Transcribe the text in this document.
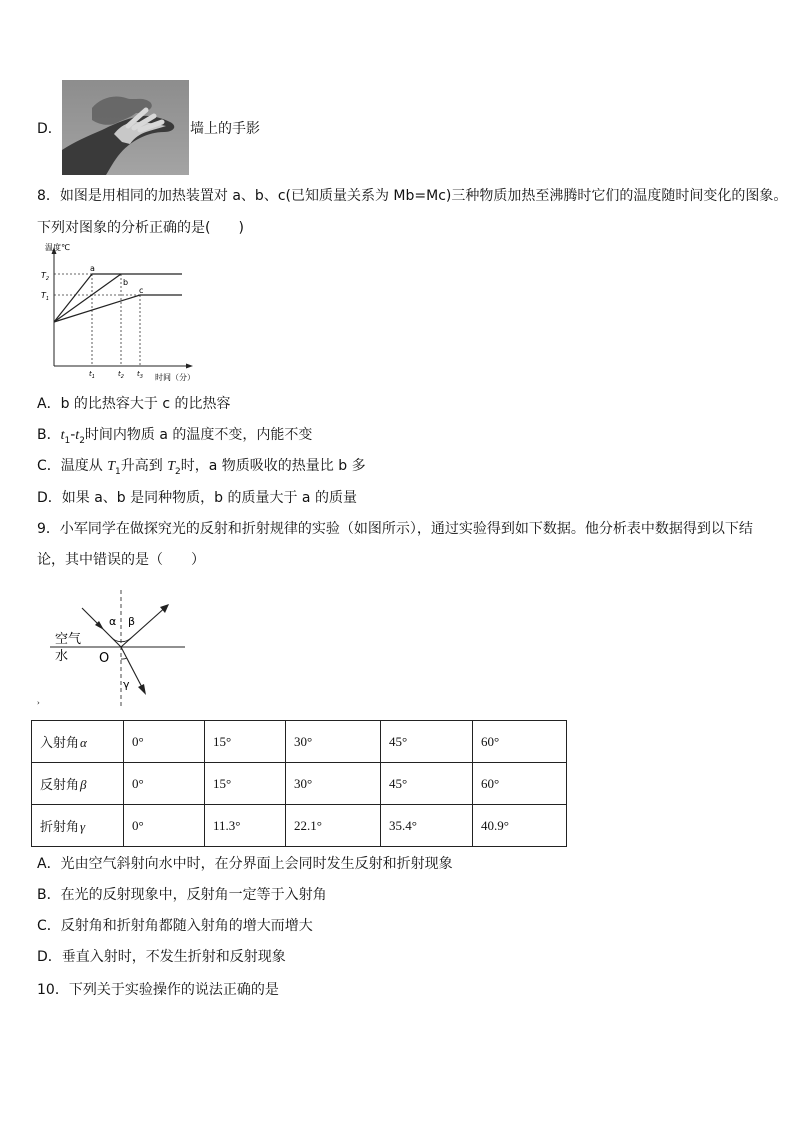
D．	墙上的手影
8．如图是用相同的加热装置对 a、b、c(已知质量关系为 Mb=Mc)三种物质加热至沸腾时它们的温度随时间变化的图象。
下列对图象的分析正确的是(　　)
温度℃
时间（分）
$T_2$
$T_1$
a
b
c
$t_1$	$t_2$ $t_3$
A．b 的比热容大于 c 的比热容
B．$t_1-t_2$时间内物质 a 的温度不变，内能不变
C．温度从 $T_1$升高到 $T_2$时，a 物质吸收的热量比 b 多
D．如果 a、b 是同种物质，b 的质量大于 a 的质量
9．小军同学在做探究光的反射和折射规律的实验（如图所示），通过实验得到如下数据。他分析表中数据得到以下结
论，其中错误的是（　　）
α β
γ
空气
水 O
›
入射角α	0°	15°	30°	45°	60°
反射角β	0°	15°	30°	45°	60°
折射角γ	0°	11.3°	22.1°	35.4°	40.9°
A．光由空气斜射向水中时，在分界面上会同时发生反射和折射现象
B．在光的反射现象中，反射角一定等于入射角
C．反射角和折射角都随入射角的增大而增大
D．垂直入射时，不发生折射和反射现象
10．下列关于实验操作的说法正确的是
